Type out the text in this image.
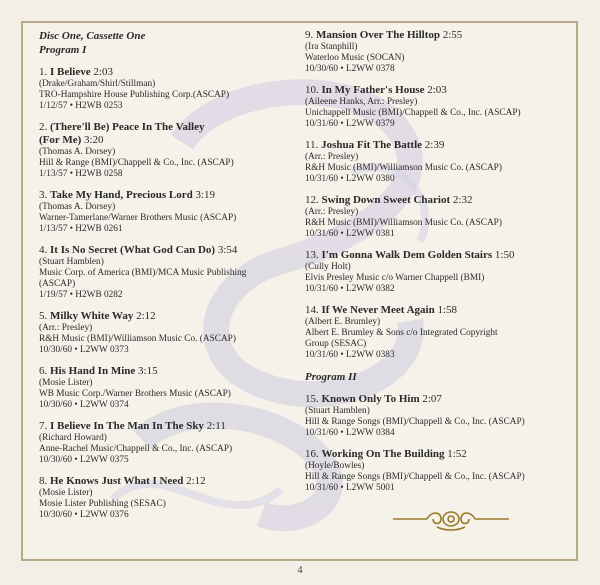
Disc One, Cassette One
Program I
1. I Believe 2:03
(Drake/Graham/Shirl/Stillman)
TRO-Hampshire House Publishing Corp.(ASCAP)
1/12/57 • H2WB 0253
2. (There'll Be) Peace In The Valley
(For Me) 3:20
(Thomas A. Dorsey)
Hill & Range (BMI)/Chappell & Co., Inc. (ASCAP)
1/13/57 • H2WB 0258
3. Take My Hand, Precious Lord 3:19
(Thomas A. Dorsey)
Warner-Tamerlane/Warner Brothers Music (ASCAP)
1/13/57 • H2WB 0261
4. It Is No Secret (What God Can Do) 3:54
(Stuart Hamblen)
Music Corp. of America (BMI)/MCA Music Publishing
(ASCAP)
1/19/57 • H2WB 0282
5. Milky White Way 2:12
(Arr.: Presley)
R&H Music (BMI)/Williamson Music Co. (ASCAP)
10/30/60 • L2WW 0373
6. His Hand In Mine 3:15
(Mosie Lister)
WB Music Corp./Warner Brothers Music (ASCAP)
10/30/60 • L2WW 0374
7. I Believe In The Man In The Sky 2:11
(Richard Howard)
Anne-Rachel Music/Chappell & Co., Inc. (ASCAP)
10/30/60 • L2WW 0375
8. He Knows Just What I Need 2:12
(Mosie Lister)
Mosie Lister Publishing (SESAC)
10/30/60 • L2WW 0376
9. Mansion Over The Hilltop 2:55
(Ira Stanphill)
Waterloo Music (SOCAN)
10/30/60 • L2WW 0378
10. In My Father's House 2:03
(Aileene Hanks, Arr.: Presley)
Unichappell Music (BMI)/Chappell & Co., Inc. (ASCAP)
10/31/60 • L2WW 0379
11. Joshua Fit The Battle 2:39
(Arr.: Presley)
R&H Music (BMI)/Williamson Music Co. (ASCAP)
10/31/60 • L2WW 0380
12. Swing Down Sweet Chariot 2:32
(Arr.: Presley)
R&H Music (BMI)/Williamson Music Co. (ASCAP)
10/31/60 • L2WW 0381
13. I'm Gonna Walk Dem Golden Stairs 1:50
(Cully Holt)
Elvis Presley Music c/o Warner Chappell (BMI)
10/31/60 • L2WW 0382
14. If We Never Meet Again 1:58
(Albert E. Brumley)
Albert E. Brumley & Sons c/o Integrated Copyright
Group (SESAC)
10/31/60 • L2WW 0383
Program II
15. Known Only To Him 2:07
(Stuart Hamblen)
Hill & Range Songs (BMI)/Chappell & Co., Inc. (ASCAP)
10/31/60 • L2WW 0384
16. Working On The Building 1:52
(Hoyle/Bowles)
Hill & Range Songs (BMI)/Chappell & Co., Inc. (ASCAP)
10/31/60 • L2WW 5001
4
